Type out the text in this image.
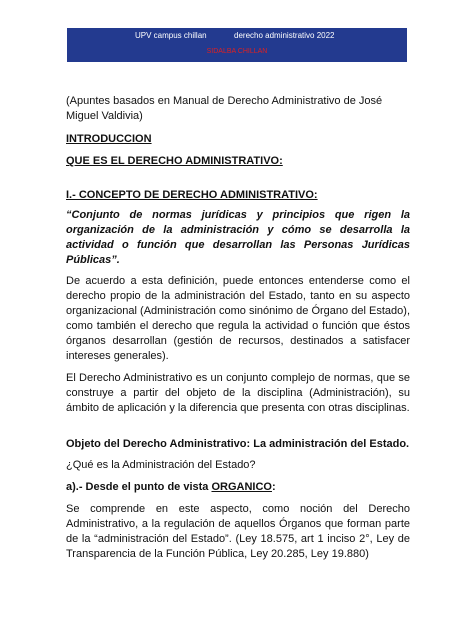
UPV campus chillan	derecho administrativo 2022
SIDALBA CHILLAN

(Apuntes basados en Manual de Derecho Administrativo de José Miguel Valdivia)

INTRODUCCION

QUE ES EL DERECHO ADMINISTRATIVO:

I.- CONCEPTO DE DERECHO ADMINISTRATIVO:

“Conjunto de normas jurídicas y principios que rigen la organización de la administración y cómo se desarrolla la actividad o función que desarrollan las Personas Jurídicas Públicas”.

De acuerdo a esta definición, puede entonces entenderse como el derecho propio de la administración del Estado, tanto en su aspecto organizacional (Administración como sinónimo de Órgano del Estado), como también el derecho que regula la actividad o función que éstos órganos desarrollan (gestión de recursos, destinados a satisfacer intereses generales).

El Derecho Administrativo es un conjunto complejo de normas, que se construye a partir del objeto de la disciplina (Administración), su ámbito de aplicación y la diferencia que presenta con otras disciplinas.

Objeto del Derecho Administrativo: La administración del Estado.

¿Qué es la Administración del Estado?

a).- Desde el punto de vista ORGANICO:

Se comprende en este aspecto, como noción del Derecho Administrativo, a la regulación de aquellos Órganos que forman parte de la “administración del Estado”. (Ley 18.575, art 1 inciso 2°, Ley de Transparencia de la Función Pública, Ley 20.285, Ley 19.880)
